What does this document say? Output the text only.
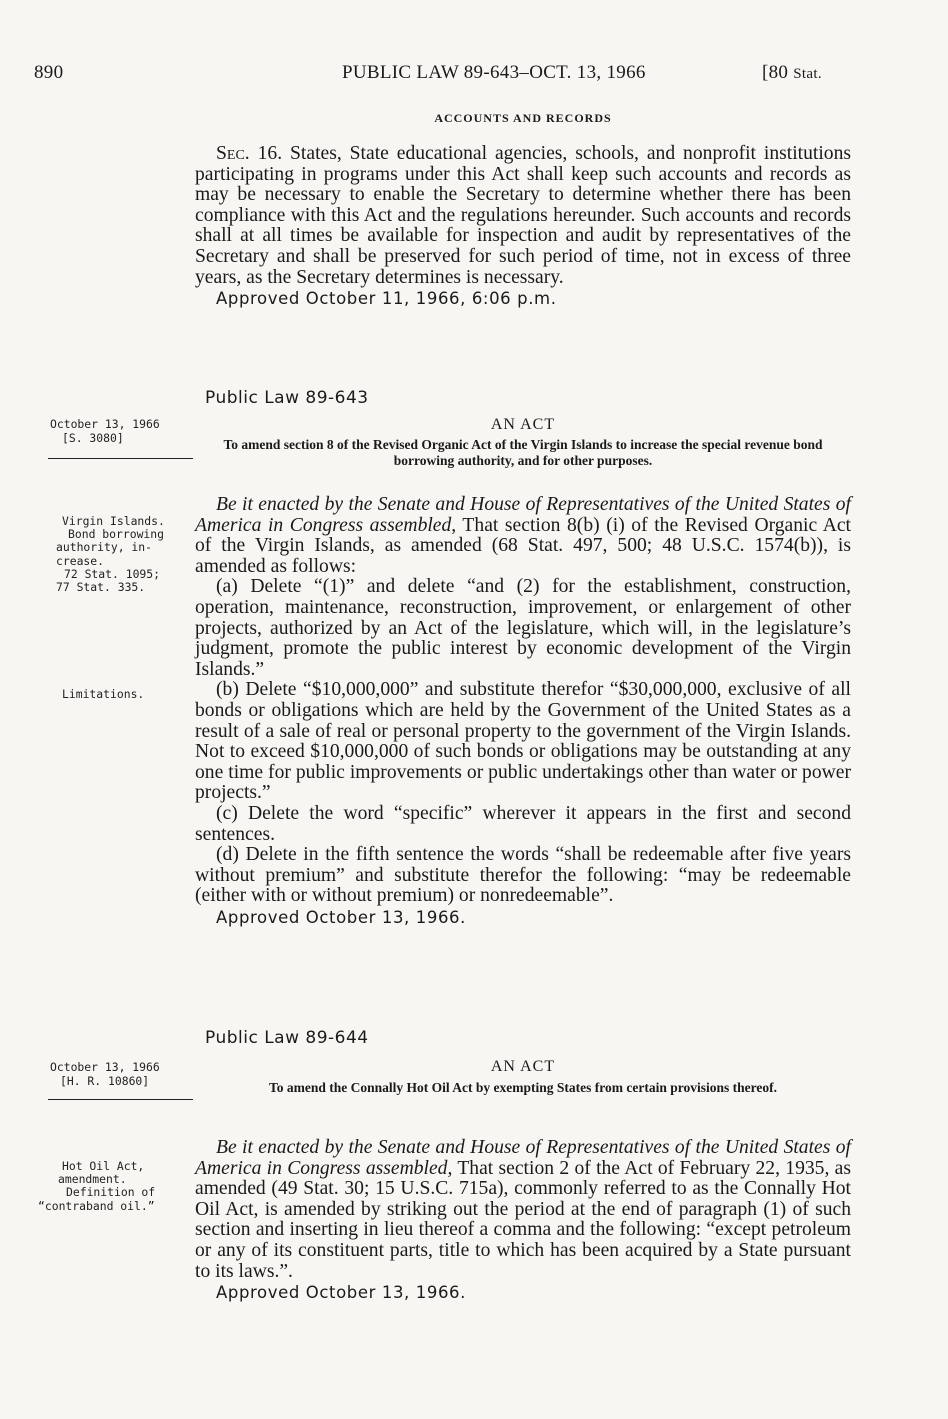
890	PUBLIC LAW 89-643–OCT. 13, 1966	[80 Stat.
ACCOUNTS AND RECORDS

Sec. 16. States, State educational agencies, schools, and nonprofit institutions participating in programs under this Act shall keep such accounts and records as may be necessary to enable the Secretary to determine whether there has been compliance with this Act and the regulations hereunder. Such accounts and records shall at all times be available for inspection and audit by representatives of the Secretary and shall be preserved for such period of time, not in excess of three years, as the Secretary determines is necessary.

Approved October 11, 1966, 6:06 p.m.

Public Law 89-643
October 13, 1966
[S. 3080]
AN ACT
To amend section 8 of the Revised Organic Act of the Virgin Islands to increase the special revenue bond borrowing authority, and for other purposes.
Virgin Islands.
Bond borrowing
authority, in-
crease.
72 Stat. 1095;
77 Stat. 335.
Limitations.

Be it enacted by the Senate and House of Representatives of the United States of America in Congress assembled, That section 8(b) (i) of the Revised Organic Act of the Virgin Islands, as amended (68 Stat. 497, 500; 48 U.S.C. 1574(b)), is amended as follows:

(a) Delete “(1)” and delete “and (2) for the establishment, construction, operation, maintenance, reconstruction, improvement, or enlargement of other projects, authorized by an Act of the legislature, which will, in the legislature’s judgment, promote the public interest by economic development of the Virgin Islands.”

(b) Delete “$10,000,000” and substitute therefor “$30,000,000, exclusive of all bonds or obligations which are held by the Government of the United States as a result of a sale of real or personal property to the government of the Virgin Islands. Not to exceed $10,000,000 of such bonds or obligations may be outstanding at any one time for public improvements or public undertakings other than water or power projects.”

(c) Delete the word “specific” wherever it appears in the first and second sentences.

(d) Delete in the fifth sentence the words “shall be redeemable after five years without premium” and substitute therefor the following: “may be redeemable (either with or without premium) or nonredeemable”.

Approved October 13, 1966.

Public Law 89-644
October 13, 1966
[H. R. 10860]
AN ACT
To amend the Connally Hot Oil Act by exempting States from certain provisions thereof.
Hot Oil Act,
amendment.
Definition of
“contraband oil.”

Be it enacted by the Senate and House of Representatives of the United States of America in Congress assembled, That section 2 of the Act of February 22, 1935, as amended (49 Stat. 30; 15 U.S.C. 715a), commonly referred to as the Connally Hot Oil Act, is amended by striking out the period at the end of paragraph (1) of such section and inserting in lieu thereof a comma and the following: “except petroleum or any of its constituent parts, title to which has been acquired by a State pursuant to its laws.”.

Approved October 13, 1966.
